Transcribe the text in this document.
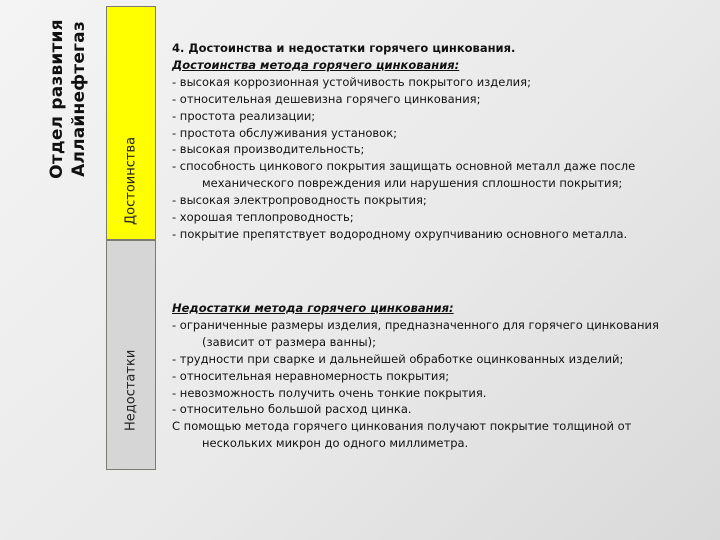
Отдел развития Аллайнефтегаз
Достоинства
Недостатки

4. Достоинства и недостатки горячего цинкования.

Достоинства метода горячего цинкования:

- высокая коррозионная устойчивость покрытого изделия;

- относительная дешевизна горячего цинкования;

- простота реализации;

- простота обслуживания установок;

- высокая производительность;

- способность цинкового покрытия защищать основной металл даже после механического повреждения или нарушения сплошности покрытия;

- высокая электропроводность покрытия;

- хорошая теплопроводность;

- покрытие препятствует водородному охрупчиванию основного металла.

Недостатки метода горячего цинкования:

- ограниченные размеры изделия, предназначенного для горячего цинкования (зависит от размера ванны);

- трудности при сварке и дальнейшей обработке оцинкованных изделий;

- относительная неравномерность покрытия;

- невозможность получить очень тонкие покрытия.

- относительно большой расход цинка.

С помощью метода горячего цинкования получают покрытие толщиной от нескольких микрон до одного миллиметра.
